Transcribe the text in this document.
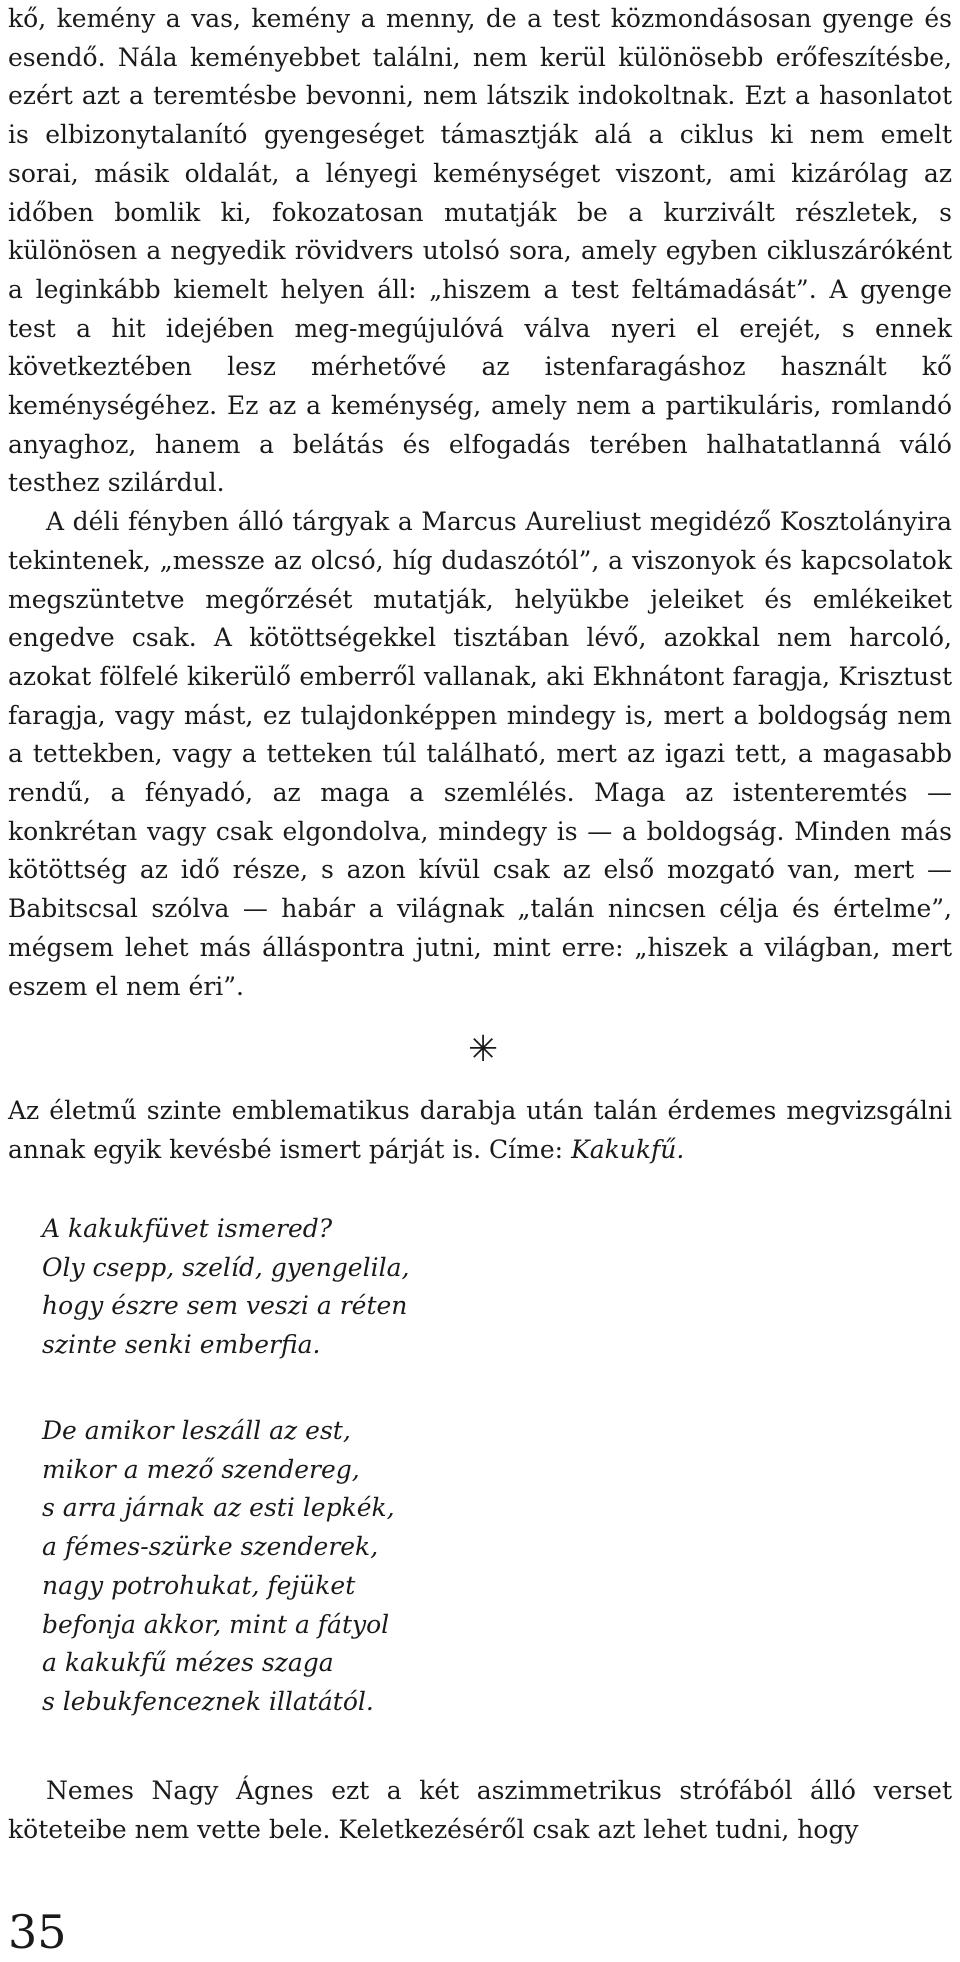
kő, kemény a vas, kemény a menny, de a test közmondásosan gyenge és esendő. Nála keményebbet találni, nem kerül különösebb erőfeszítésbe, ezért azt a teremtésbe bevonni, nem látszik indokoltnak. Ezt a hasonlatot is elbizonytalanító gyengeséget támasztják alá a ciklus ki nem emelt sorai, másik oldalát, a lényegi keménységet viszont, ami kizárólag az időben bomlik ki, fokozatosan mutatják be a kurzivált részletek, s különösen a negyedik rövidvers utolsó sora, amely egyben cikluszáróként a leginkább kiemelt helyen áll: „hiszem a test feltámadását”. A gyenge test a hit idejében meg-megújulóvá válva nyeri el erejét, s ennek következtében lesz mérhetővé az istenfaragáshoz használt kő keménységéhez. Ez az a keménység, amely nem a partikuláris, romlandó anyaghoz, hanem a belátás és elfogadás terében halhatatlanná váló testhez szilárdul.

A déli fényben álló tárgyak a Marcus Aureliust megidéző Kosztolányira tekintenek, „messze az olcsó, híg dudaszótól”, a viszonyok és kapcsolatok megszüntetve megőrzését mutatják, helyükbe jeleiket és emlékeiket engedve csak. A kötöttségekkel tisztában lévő, azokkal nem harcoló, azokat fölfelé kikerülő emberről vallanak, aki Ekhnátont faragja, Krisztust faragja, vagy mást, ez tulajdonképpen mindegy is, mert a boldogság nem a tettekben, vagy a tetteken túl található, mert az igazi tett, a magasabb rendű, a fényadó, az maga a szemlélés. Maga az istenteremtés — konkrétan vagy csak elgondolva, mindegy is — a boldogság. Minden más kötöttség az idő része, s azon kívül csak az első mozgató van, mert — Babitscsal szólva — habár a világnak „talán nincsen célja és értelme”, mégsem lehet más álláspontra jutni, mint erre: „hiszek a világban, mert eszem el nem éri”.

✳

Az életmű szinte emblematikus darabja után talán érdemes megvizsgálni annak egyik kevésbé ismert párját is. Címe: Kakukfű.

A kakukfüvet ismered?
Oly csepp, szelíd, gyengelila,
hogy észre sem veszi a réten
szinte senki emberfia.
De amikor leszáll az est,
mikor a mező szendereg,
s arra járnak az esti lepkék,
a fémes-szürke szenderek,
nagy potrohukat, fejüket
befonja akkor, mint a fátyol
a kakukfű mézes szaga
s lebukfenceznek illatától.

Nemes Nagy Ágnes ezt a két aszimmetrikus strófából álló verset köteteibe nem vette bele. Keletkezéséről csak azt lehet tudni, hogy

35
